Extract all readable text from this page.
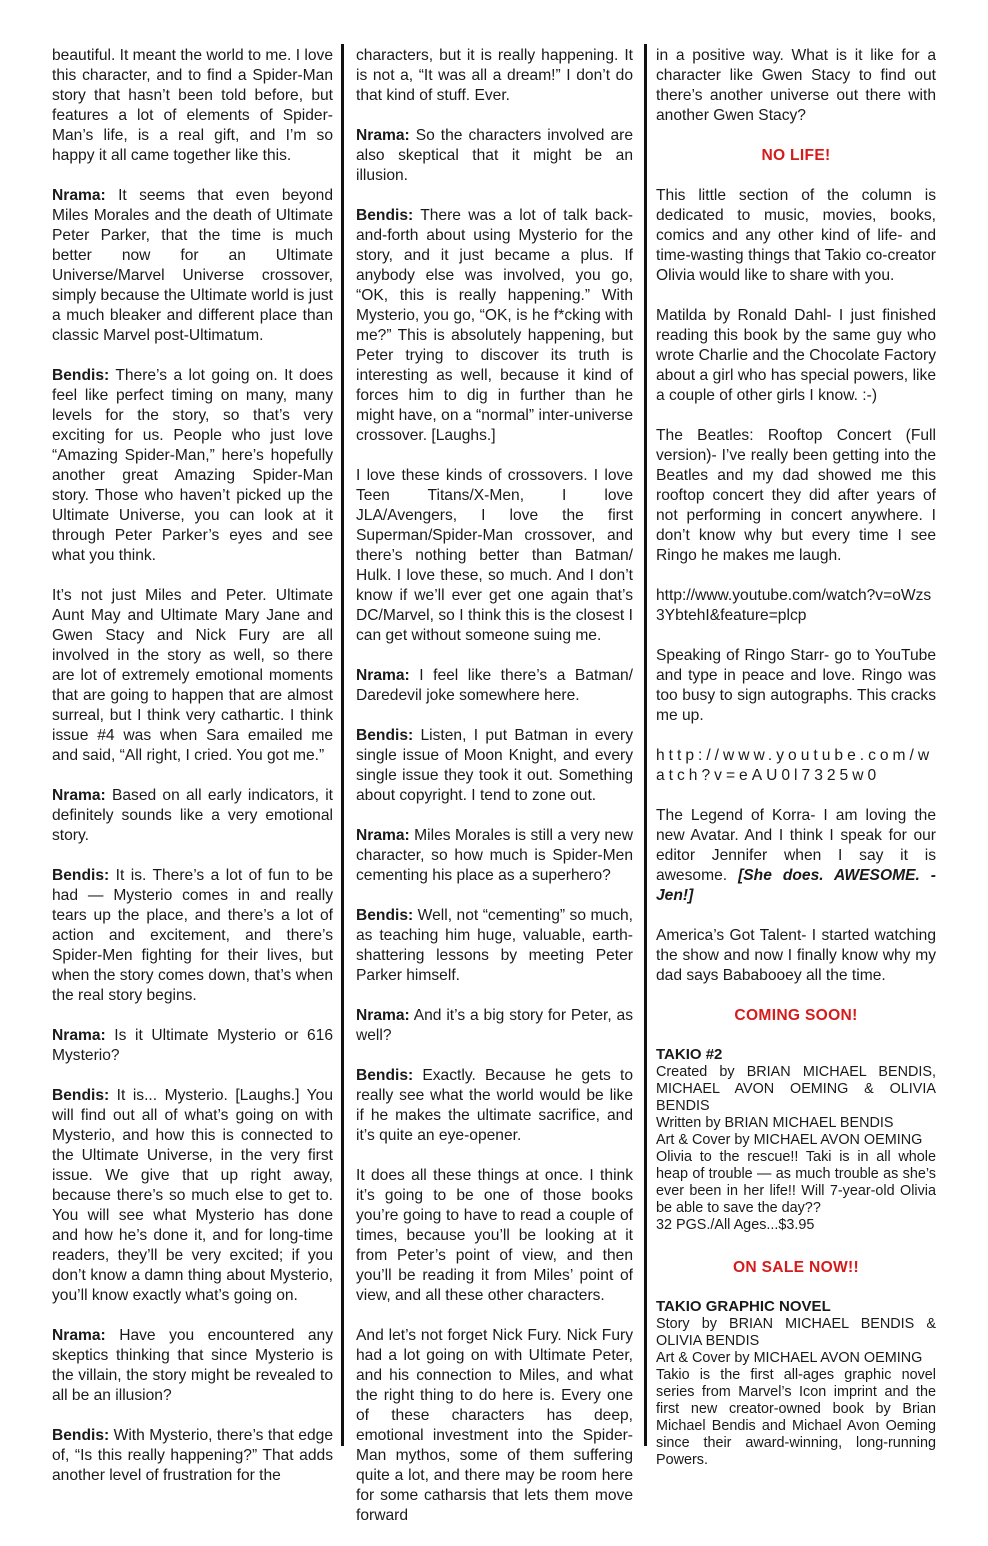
beautiful. It meant the world to me. I love this character, and to find a Spider-Man story that hasn’t been told before, but features a lot of elements of Spider-Man’s life, is a real gift, and I’m so happy it all came together like this.

Nrama: It seems that even beyond Miles Morales and the death of Ultimate Peter Parker, that the time is much better now for an Ultimate Universe/Marvel Universe crossover, simply because the Ultimate world is just a much bleaker and different place than classic Marvel post-Ultimatum.

Bendis: There’s a lot going on. It does feel like perfect timing on many, many levels for the story, so that’s very exciting for us. People who just love “Amazing Spider-Man,” here’s hopefully another great Amazing Spider-Man story. Those who haven’t picked up the Ultimate Universe, you can look at it through Peter Parker’s eyes and see what you think.

It’s not just Miles and Peter. Ultimate Aunt May and Ultimate Mary Jane and Gwen Stacy and Nick Fury are all involved in the story as well, so there are lot of extremely emotional moments that are going to happen that are almost surreal, but I think very cathartic. I think issue #4 was when Sara emailed me and said, “All right, I cried. You got me.”

Nrama: Based on all early indicators, it definitely sounds like a very emotional story.

Bendis: It is. There’s a lot of fun to be had — Mysterio comes in and really tears up the place, and there’s a lot of action and excitement, and there’s Spider-Men fighting for their lives, but when the story comes down, that’s when the real story begins.

Nrama: Is it Ultimate Mysterio or 616 Mysterio?

Bendis: It is... Mysterio. [Laughs.] You will find out all of what’s going on with Mysterio, and how this is connected to the Ultimate Universe, in the very first issue. We give that up right away, because there’s so much else to get to. You will see what Mysterio has done and how he’s done it, and for long-time readers, they’ll be very excited; if you don’t know a damn thing about Mysterio, you’ll know exactly what’s going on.

Nrama: Have you encountered any skeptics thinking that since Mysterio is the villain, the story might be revealed to all be an illusion?

Bendis: With Mysterio, there’s that edge of, “Is this really happening?” That adds another level of frustration for the

characters, but it is really happening. It is not a, “It was all a dream!” I don’t do that kind of stuff. Ever.

Nrama: So the characters involved are also skeptical that it might be an illusion.

Bendis: There was a lot of talk back-and-forth about using Mysterio for the story, and it just became a plus. If anybody else was involved, you go, “OK, this is really happening.” With Mysterio, you go, “OK, is he f*cking with me?” This is absolutely happening, but Peter trying to discover its truth is interesting as well, because it kind of forces him to dig in further than he might have, on a “normal” inter-universe crossover. [Laughs.]

I love these kinds of crossovers. I love Teen Titans/X-Men, I love JLA/Avengers, I love the first Superman/Spider-Man crossover, and there’s nothing better than Batman/ Hulk. I love these, so much. And I don’t know if we’ll ever get one again that’s DC/Marvel, so I think this is the closest I can get without someone suing me.

Nrama: I feel like there’s a Batman/ Daredevil joke somewhere here.

Bendis: Listen, I put Batman in every single issue of Moon Knight, and every single issue they took it out. Something about copyright. I tend to zone out.

Nrama: Miles Morales is still a very new character, so how much is Spider-Men cementing his place as a superhero?

Bendis: Well, not “cementing” so much, as teaching him huge, valuable, earth-shattering lessons by meeting Peter Parker himself.

Nrama: And it’s a big story for Peter, as well?

Bendis: Exactly. Because he gets to really see what the world would be like if he makes the ultimate sacrifice, and it’s quite an eye-opener.

It does all these things at once. I think it’s going to be one of those books you’re going to have to read a couple of times, because you’ll be looking at it from Peter’s point of view, and then you’ll be reading it from Miles’ point of view, and all these other characters.

And let’s not forget Nick Fury. Nick Fury had a lot going on with Ultimate Peter, and his connection to Miles, and what the right thing to do here is. Every one of these characters has deep, emotional investment into the Spider-Man mythos, some of them suffering quite a lot, and there may be room here for some catharsis that lets them move forward

in a positive way. What is it like for a character like Gwen Stacy to find out there’s another universe out there with another Gwen Stacy?

NO LIFE!

This little section of the column is dedicated to music, movies, books, comics and any other kind of life- and time-wasting things that Takio co-creator Olivia would like to share with you.

Matilda by Ronald Dahl- I just finished reading this book by the same guy who wrote Charlie and the Chocolate Factory about a girl who has special powers, like a couple of other girls I know. :-)

The Beatles: Rooftop Concert (Full version)- I’ve really been getting into the Beatles and my dad showed me this rooftop concert they did after years of not performing in concert anywhere. I don’t know why but every time I see Ringo he makes me laugh.

http://www.youtube.com/watch?v=oWzs3YbtehI&feature=plcp

Speaking of Ringo Starr- go to YouTube and type in peace and love. Ringo was too busy to sign autographs. This cracks me up.

http://www.youtube.com/watch?v=eAU0l7325w0

The Legend of Korra- I am loving the new Avatar. And I think I speak for our editor Jennifer when I say it is awesome. [She does. AWESOME. -Jen!]

America’s Got Talent- I started watching the show and now I finally know why my dad says Bababooey all the time.

COMING SOON!
TAKIO #2
Created by BRIAN MICHAEL BENDIS, MICHAEL AVON OEMING & OLIVIA BENDIS
Written by BRIAN MICHAEL BENDIS
Art & Cover by MICHAEL AVON OEMING
Olivia to the rescue!! Taki is in all whole heap of trouble — as much trouble as she’s ever been in her life!! Will 7-year-old Olivia be able to save the day??
32 PGS./All Ages...$3.95
ON SALE NOW!!
TAKIO GRAPHIC NOVEL
Story by BRIAN MICHAEL BENDIS & OLIVIA BENDIS
Art & Cover by MICHAEL AVON OEMING
Takio is the first all-ages graphic novel series from Marvel’s Icon imprint and the first new creator-owned book by Brian Michael Bendis and Michael Avon Oeming since their award-winning, long-running Powers.
